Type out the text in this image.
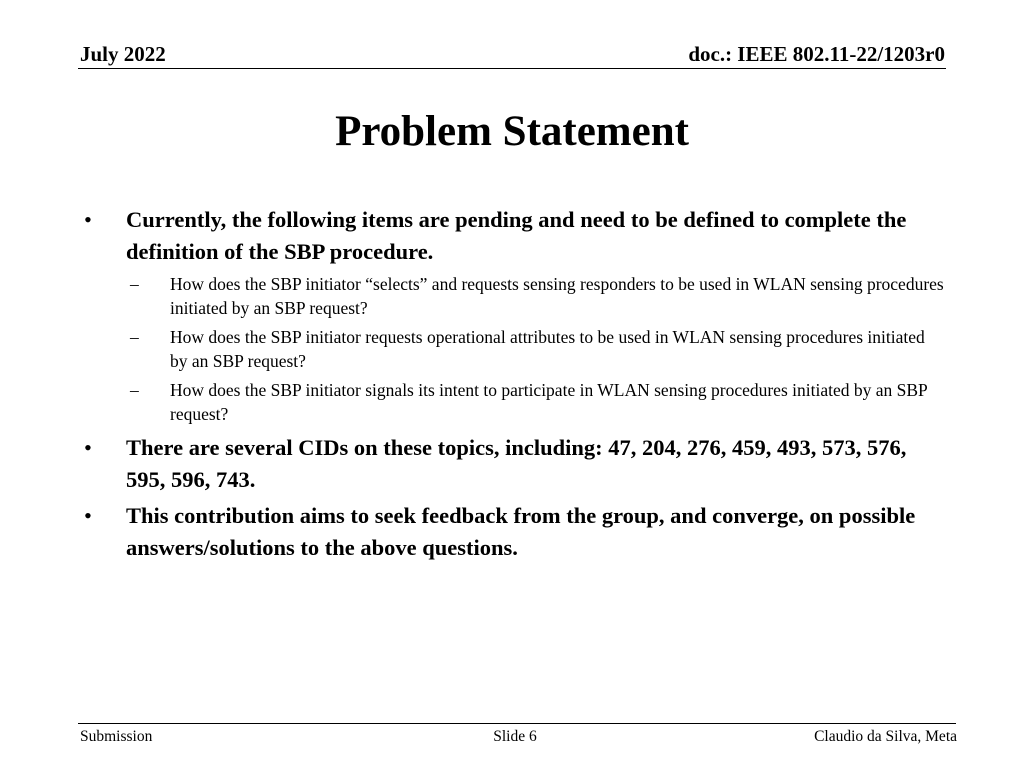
July 2022	doc.: IEEE 802.11-22/1203r0
Problem Statement
• Currently, the following items are pending and need to be defined to complete the definition of the SBP procedure.
– How does the SBP initiator “selects” and requests sensing responders to be used in WLAN sensing procedures initiated by an SBP request?
– How does the SBP initiator requests operational attributes to be used in WLAN sensing procedures initiated by an SBP request?
– How does the SBP initiator signals its intent to participate in WLAN sensing procedures initiated by an SBP request?
• There are several CIDs on these topics, including: 47, 204, 276, 459, 493, 573, 576, 595, 596, 743.
• This contribution aims to seek feedback from the group, and converge, on possible answers/solutions to the above questions.
Submission	Slide 6	Claudio da Silva, Meta
